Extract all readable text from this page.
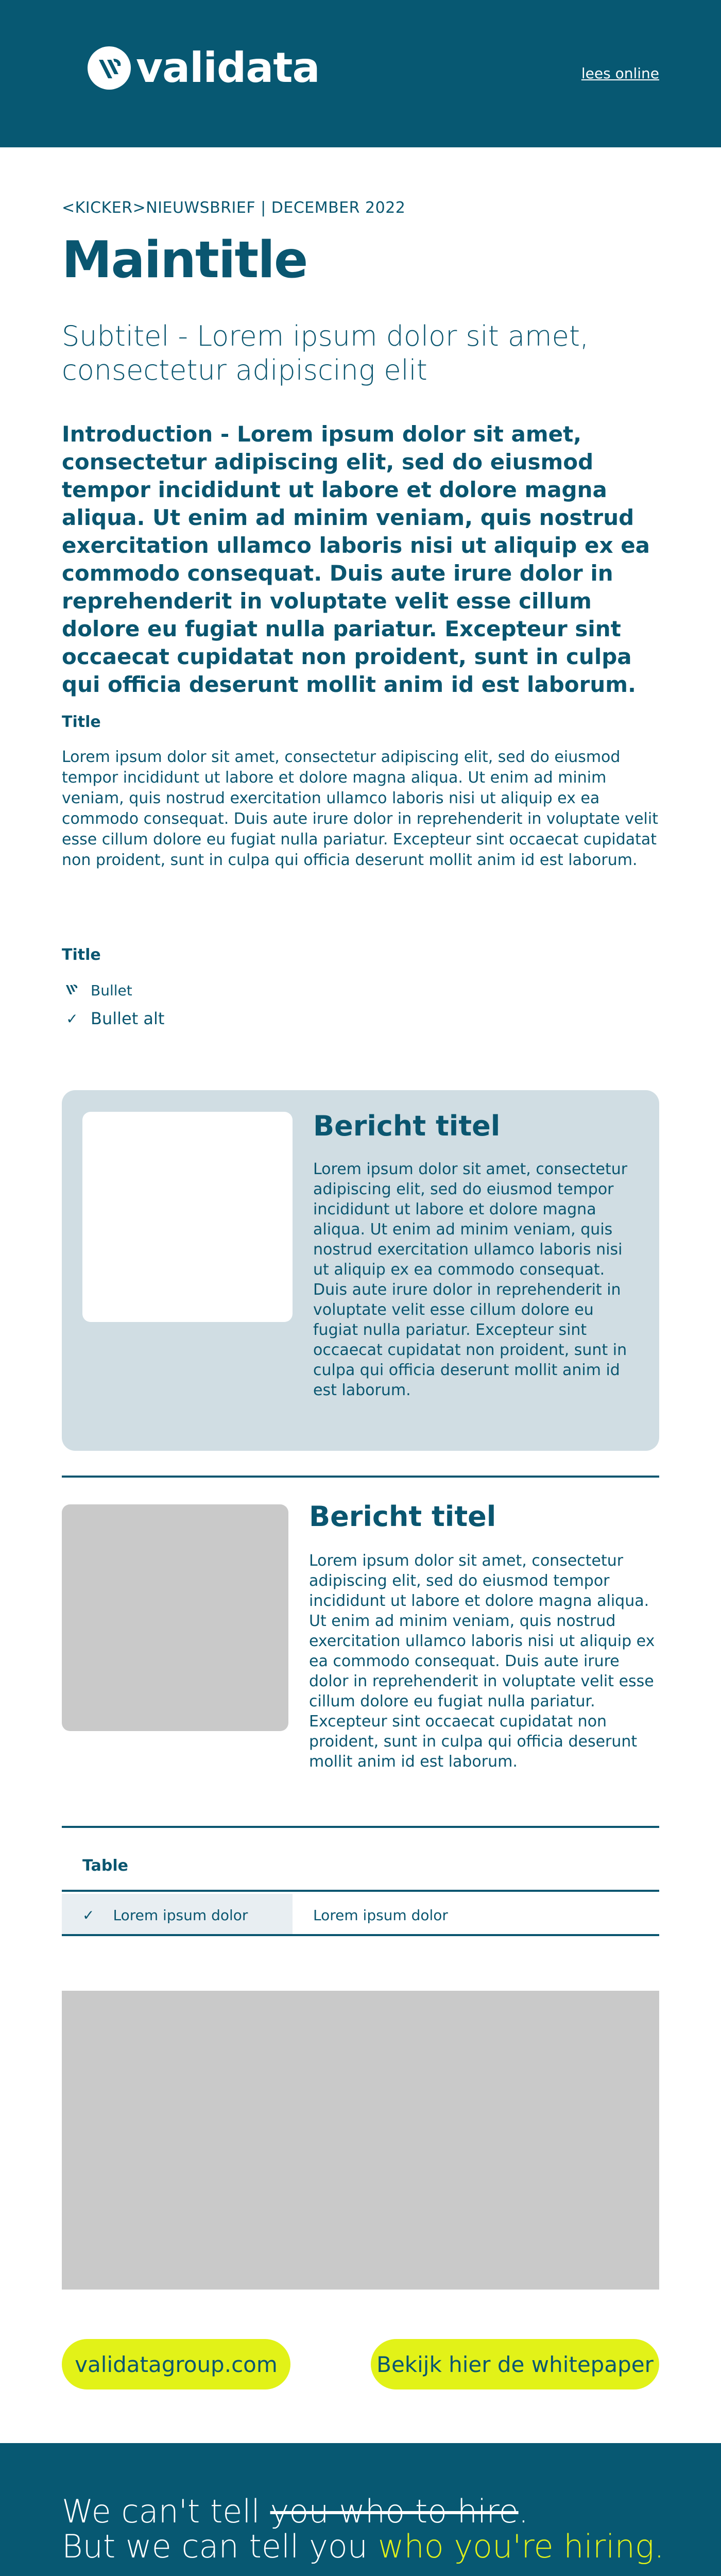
validata	lees online
<KICKER>NIEUWSBRIEF | DECEMBER 2022
Maintitle
Subtitel - Lorem ipsum dolor sit amet, consectetur adipiscing elit
Introduction - Lorem ipsum dolor sit amet, consectetur adipiscing elit, sed do eiusmod tempor incididunt ut labore et dolore magna aliqua. Ut enim ad minim veniam, quis nostrud exercitation ullamco laboris nisi ut aliquip ex ea commodo consequat. Duis aute irure dolor in reprehenderit in voluptate velit esse cillum dolore eu fugiat nulla pariatur. Excepteur sint occaecat cupidatat non proident, sunt in culpa qui officia deserunt mollit anim id est laborum.
Title
Lorem ipsum dolor sit amet, consectetur adipiscing elit, sed do eiusmod tempor incididunt ut labore et dolore magna aliqua. Ut enim ad minim veniam, quis nostrud exercitation ullamco laboris nisi ut aliquip ex ea commodo consequat. Duis aute irure dolor in reprehenderit in voluptate velit esse cillum dolore eu fugiat nulla pariatur. Excepteur sint occaecat cupidatat non proident, sunt in culpa qui officia deserunt mollit anim id est laborum.
Title
Bullet
✓ Bullet alt
Bericht titel
Lorem ipsum dolor sit amet, consectetur adipiscing elit, sed do eiusmod tempor incididunt ut labore et dolore magna aliqua. Ut enim ad minim veniam, quis nostrud exercitation ullamco laboris nisi ut aliquip ex ea commodo consequat. Duis aute irure dolor in reprehenderit in voluptate velit esse cillum dolore eu fugiat nulla pariatur. Excepteur sint occaecat cupidatat non proident, sunt in culpa qui officia deserunt mollit anim id est laborum.
Bericht titel
Lorem ipsum dolor sit amet, consectetur adipiscing elit, sed do eiusmod tempor incididunt ut labore et dolore magna aliqua. Ut enim ad minim veniam, quis nostrud exercitation ullamco laboris nisi ut aliquip ex ea commodo consequat. Duis aute irure dolor in reprehenderit in voluptate velit esse cillum dolore eu fugiat nulla pariatur. Excepteur sint occaecat cupidatat non proident, sunt in culpa qui officia deserunt mollit anim id est laborum.
Table
✓ Lorem ipsum dolor	Lorem ipsum dolor
validatagroup.com	Bekijk hier de whitepaper
We can't tell you who to hire.
But we can tell you who you're hiring.
